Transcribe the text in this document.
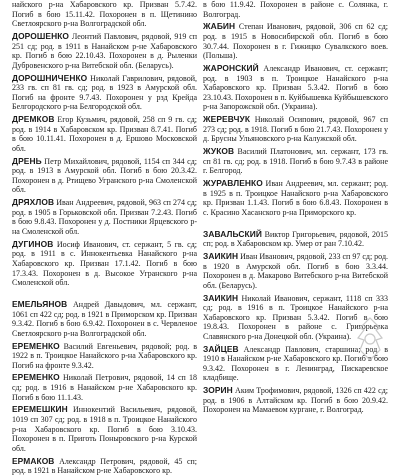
найского р-на Хабаровского кр. Призван 5.7.42. Погиб в бою 15.11.42. Похоронен в п. Щетинино Светлоярского р-на Волгоградской обл.

ДОРОШЕНКО Леонтий Павлович, рядовой, 919 сп 251 сд; род. в 1911 в Нанайском р-не Хабаровского кр. Погиб в бою 22.10.43. Похоронен в д. Рыленки Дубровенского р-на Витебской обл. (Беларусь).
ДОРОШНИЧЕНКО Николай Гаврилович, рядовой, 233 гв. сп 81 гв. сд; род. в 1923 в Амурской обл. Погиб на фронте 9.7.43. Похоронен у рзд Крейда Белгородского р-на Белгородской обл.
ДРЕМКОВ Егор Кузьмич, рядовой, 258 сп 9 гв. сд; род. в 1914 в Хабаровском кр. Призван 8.7.41. Погиб в бою 10.11.41. Похоронен в д. Ершово Московской обл.
ДРЕНЬ Петр Михайлович, рядовой, 1154 сп 344 сд; род. в 1913 в Амурской обл. Погиб в бою 20.3.42. Похоронен в д. Ртищево Угранского р-на Смоленской обл.
ДРЯХЛОВ Иван Андреевич, рядовой, 963 сп 274 сд; род. в 1905 в Горьковской обл. Призван 7.2.43. Погиб в бою 9.8.43. Похоронен у д. Постники Ярцевского р-на Смоленской обл.
ДУГИНОВ Иосиф Иванович, ст. сержант, 5 гв. сд; род. в 1911 в с. Иннокентьевка Нанайского р-на Хабаровского кр. Призван 17.1.42. Погиб в бою 17.3.43. Похоронен в д. Высокое Угранского р-на Смоленской обл.
ЕМЕЛЬЯНОВ Андрей Давыдович, мл. сержант, 1061 сп 422 сд; род. в 1921 в Приморском кр. Призван 9.3.42. Погиб в бою 6.9.42. Похоронен в с. Червленое Светлоярского р-на Волгоградской обл.
ЕРЕМЕНКО Василий Евгеньевич, рядовой; род. в 1922 в п. Троицкое Нанайского р-на Хабаровского кр. Погиб на фронте 9.3.42.
ЕРЕМЕНКО Николай Петрович, рядовой, 14 сп 18 сд; род. в 1916 в Нанайском р-не Хабаровского кр. Погиб в бою 11.1.43.
ЕРЕМЕШКИН Иннокентий Васильевич, рядовой, 1019 сп 307 сд; род. в 1918 в п. Троицкое Нанайского р-на Хабаровского кр. Погиб в бою 3.10.43. Похоронен в п. Приготь Поныровского р-на Курской обл.
ЕРМАКОВ Александр Петрович, рядовой, 45 сп; род. в 1921 в Нанайском р-не Хабаровского кр.

в бою 11.9.42. Похоронен в районе с. Солянка, г. Волгоград.

ЖАБИН Степан Иванович, рядовой, 306 сп 62 сд; род. в 1915 в Новосибирской обл. Погиб в бою 30.7.44. Похоронен в г. Гижицко Сувалкского воев. (Польша).
ЖАРОНСКИЙ Александр Иванович, ст. сержант; род. в 1903 в п. Троицкое Нанайского р-на Хабаровского кр. Призван 5.3.42. Погиб в бою 23.10.43. Похоронен в п. Куйбышевка Куйбышевского р-на Запорожской обл. (Украина).
ЖЕРЕВЧУК Николай Осипович, рядовой, 967 сп 273 сд; род. в 1918. Погиб в бою 21.7.43. Похоронен у д. Брусны Ульяновского р-на Калужской обл.
ЖУКОВ Василий Платонович, мл. сержант, 173 гв. сп 81 гв. сд; род. в 1918. Погиб в бою 9.7.43 в районе г. Белгород.
ЖУРАВЛЕНКО Иван Андреевич, мл. сержант; род. в 1925 в п. Троицкое Нанайского р-на Хабаровского кр. Призван 1.1.43. Погиб в бою 6.8.43. Похоронен в с. Красино Хасанского р-на Приморского кр.
ЗАВАЛЬСКИЙ Виктор Григорьевич, рядовой, 2015 сп; род. в Хабаровском кр. Умер от ран 7.10.42.
ЗАИКИН Иван Иванович, рядовой, 233 сп 97 сд; род. в 1920 в Амурской обл. Погиб в бою 3.3.44. Похоронен в д. Макарово Витебского р-на Витебской обл. (Беларусь).
ЗАИКИН Николай Иванович, сержант, 1118 сп 333 сд; род. в 1916 в п. Троицкое Нанайского р-на Хабаровского кр. Призван 5.3.42. Погиб в бою 19.8.43. Похоронен в районе с. Григорьевка Славянского р-на Донецкой обл. (Украина).
ЗАЙЦЕВ Александр Павлович, старшина; род. в 1910 в Нанайском р-не Хабаровского кр. Погиб в бою 9.3.42. Похоронен в г. Ленинград, Пискаревское кладбище.
ЗОРИН Аким Трофимович, рядовой, 1326 сп 422 сд; род. в 1906 в Алтайском кр. Погиб в бою 20.9.42. Похоронен на Мамаевом кургане, г. Волгоград.
